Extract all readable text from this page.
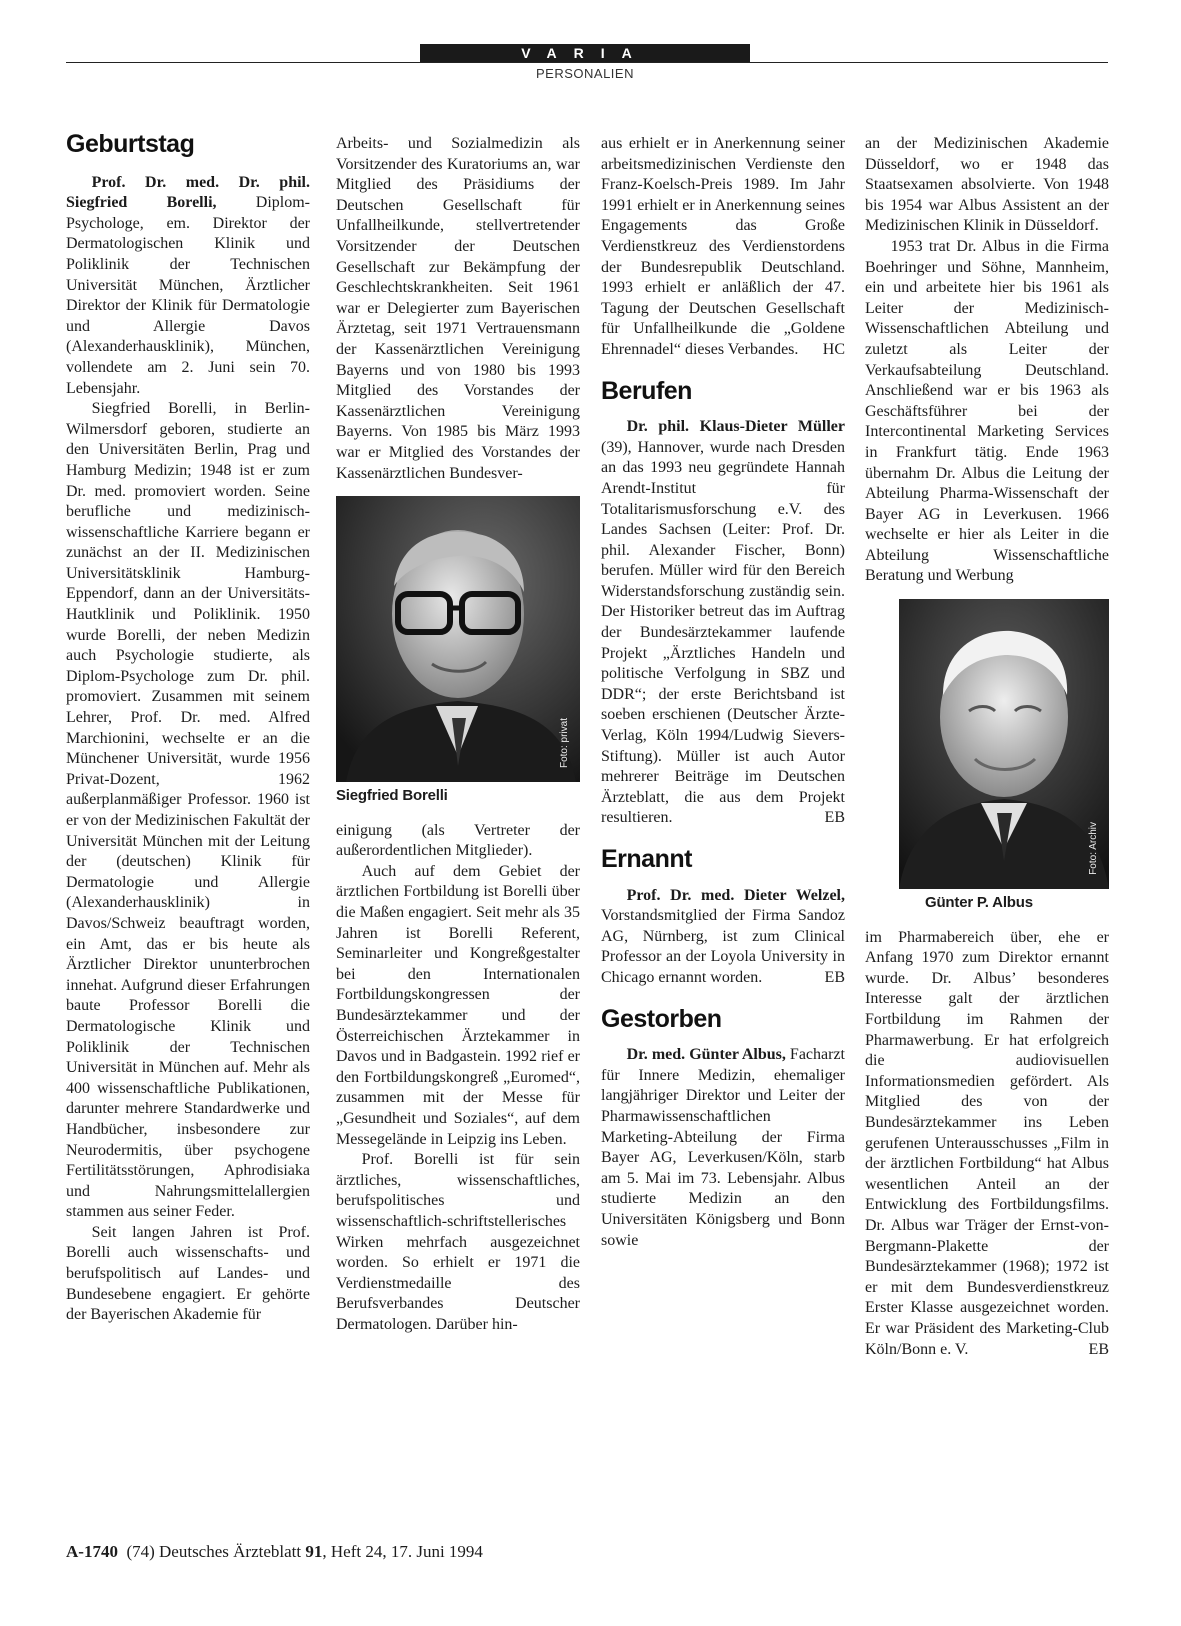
VARIA
PERSONALIEN
Geburtstag

Prof. Dr. med. Dr. phil. Siegfried Borelli, Diplom-Psychologe, em. Direktor der Dermatologischen Klinik und Poliklinik der Technischen Universität München, Ärztlicher Direktor der Klinik für Dermatologie und Allergie Davos (Alexanderhausklinik), München, vollendete am 2. Juni sein 70. Lebensjahr.

Siegfried Borelli, in Berlin-Wilmersdorf geboren, studierte an den Universitäten Berlin, Prag und Hamburg Medizin; 1948 ist er zum Dr. med. promoviert worden. Seine berufliche und medizinisch-wissenschaftliche Karriere begann er zunächst an der II. Medizinischen Universitätsklinik Hamburg-Eppendorf, dann an der Universitäts-Hautklinik und Poliklinik. 1950 wurde Borelli, der neben Medizin auch Psychologie studierte, als Diplom-Psychologe zum Dr. phil. promoviert. Zusammen mit seinem Lehrer, Prof. Dr. med. Alfred Marchionini, wechselte er an die Münchener Universität, wurde 1956 Privat-Dozent, 1962 außerplanmäßiger Professor. 1960 ist er von der Medizinischen Fakultät der Universität München mit der Leitung der (deutschen) Klinik für Dermatologie und Allergie (Alexanderhausklinik) in Davos/Schweiz beauftragt worden, ein Amt, das er bis heute als Ärztlicher Direktor ununterbrochen innehat. Aufgrund dieser Erfahrungen baute Professor Borelli die Dermatologische Klinik und Poliklinik der Technischen Universität in München auf. Mehr als 400 wissenschaftliche Publikationen, darunter mehrere Standardwerke und Handbücher, insbesondere zur Neurodermitis, über psychogene Fertilitätsstörungen, Aphrodisiaka und Nahrungsmittelallergien stammen aus seiner Feder.

Seit langen Jahren ist Prof. Borelli auch wissenschafts- und berufspolitisch auf Landes- und Bundesebene engagiert. Er gehörte der Bayerischen Akademie für

Arbeits- und Sozialmedizin als Vorsitzender des Kuratoriums an, war Mitglied des Präsidiums der Deutschen Gesellschaft für Unfallheilkunde, stellvertretender Vorsitzender der Deutschen Gesellschaft zur Bekämpfung der Geschlechtskrankheiten. Seit 1961 war er Delegierter zum Bayerischen Ärztetag, seit 1971 Vertrauensmann der Kassenärztlichen Vereinigung Bayerns und von 1980 bis 1993 Mitglied des Vorstandes der Kassenärztlichen Vereinigung Bayerns. Von 1985 bis März 1993 war er Mitglied des Vorstandes der Kassenärztlichen Bundesver-

Foto: privat
Siegfried Borelli

einigung (als Vertreter der außerordentlichen Mitglieder).

Auch auf dem Gebiet der ärztlichen Fortbildung ist Borelli über die Maßen engagiert. Seit mehr als 35 Jahren ist Borelli Referent, Seminarleiter und Kongreßgestalter bei den Internationalen Fortbildungskongressen der Bundesärztekammer und der Österreichischen Ärztekammer in Davos und in Badgastein. 1992 rief er den Fortbildungskongreß „Euromed“, zusammen mit der Messe für „Gesundheit und Soziales“, auf dem Messegelände in Leipzig ins Leben.

Prof. Borelli ist für sein ärztliches, wissenschaftliches, berufspolitisches und wissenschaftlich-schriftstellerisches Wirken mehrfach ausgezeichnet worden. So erhielt er 1971 die Verdienstmedaille des Berufsverbandes Deutscher Dermatologen. Darüber hin-

aus erhielt er in Anerkennung seiner arbeitsmedizinischen Verdienste den Franz-Koelsch-Preis 1989. Im Jahr 1991 erhielt er in Anerkennung seines Engagements das Große Verdienstkreuz des Verdienstordens der Bundesrepublik Deutschland. 1993 erhielt er anläßlich der 47. Tagung der Deutschen Gesellschaft für Unfallheilkunde die „Goldene Ehrennadel“ dieses Verbandes. HC

Berufen

Dr. phil. Klaus-Dieter Müller (39), Hannover, wurde nach Dresden an das 1993 neu gegründete Hannah Arendt-Institut für Totalitarismusforschung e.V. des Landes Sachsen (Leiter: Prof. Dr. phil. Alexander Fischer, Bonn) berufen. Müller wird für den Bereich Widerstandsforschung zuständig sein. Der Historiker betreut das im Auftrag der Bundesärztekammer laufende Projekt „Ärztliches Handeln und politische Verfolgung in SBZ und DDR“; der erste Berichtsband ist soeben erschienen (Deutscher Ärzte-Verlag, Köln 1994/Ludwig Sievers-Stiftung). Müller ist auch Autor mehrerer Beiträge im Deutschen Ärzteblatt, die aus dem Projekt resultieren.	EB

Ernannt

Prof. Dr. med. Dieter Welzel, Vorstandsmitglied der Firma Sandoz AG, Nürnberg, ist zum Clinical Professor an der Loyola University in Chicago ernannt worden.	EB

Gestorben

Dr. med. Günter Albus, Facharzt für Innere Medizin, ehemaliger langjähriger Direktor und Leiter der Pharmawissenschaftlichen Marketing-Abteilung der Firma Bayer AG, Leverkusen/Köln, starb am 5. Mai im 73. Lebensjahr. Albus studierte Medizin an den Universitäten Königsberg und Bonn sowie

an der Medizinischen Akademie Düsseldorf, wo er 1948 das Staatsexamen absolvierte. Von 1948 bis 1954 war Albus Assistent an der Medizinischen Klinik in Düsseldorf.

1953 trat Dr. Albus in die Firma Boehringer und Söhne, Mannheim, ein und arbeitete hier bis 1961 als Leiter der Medizinisch-Wissenschaftlichen Abteilung und zuletzt als Leiter der Verkaufsabteilung Deutschland. Anschließend war er bis 1963 als Geschäftsführer bei der Intercontinental Marketing Services in Frankfurt tätig. Ende 1963 übernahm Dr. Albus die Leitung der Abteilung Pharma-Wissenschaft der Bayer AG in Leverkusen. 1966 wechselte er hier als Leiter in die Abteilung Wissenschaftliche Beratung und Werbung

Foto: Archiv
Günter P. Albus

im Pharmabereich über, ehe er Anfang 1970 zum Direktor ernannt wurde. Dr. Albus’ besonderes Interesse galt der ärztlichen Fortbildung im Rahmen der Pharmawerbung. Er hat erfolgreich die audiovisuellen Informationsmedien gefördert. Als Mitglied des von der Bundesärztekammer ins Leben gerufenen Unterausschusses „Film in der ärztlichen Fortbildung“ hat Albus wesentlichen Anteil an der Entwicklung des Fortbildungsfilms. Dr. Albus war Träger der Ernst-von-Bergmann-Plakette der Bundesärztekammer (1968); 1972 ist er mit dem Bundesverdienstkreuz Erster Klasse ausgezeichnet worden. Er war Präsident des Marketing-Club Köln/Bonn e. V.	EB

A-1740 (74) Deutsches Ärzteblatt 91, Heft 24, 17. Juni 1994
